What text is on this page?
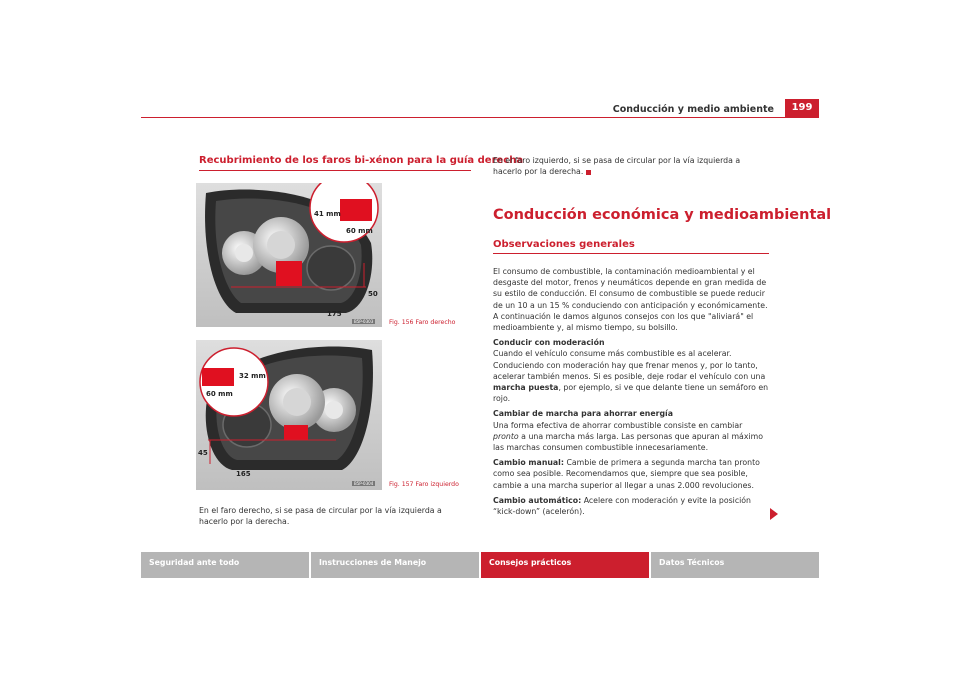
Conducción y medio ambiente	199
Recubrimiento de los faros bi-xénon para la guía derecha
41 mm
60 mm
50
175
B5P-0303	Fig. 156 Faro derecho
32 mm
60 mm
45
165
B5P-0304	Fig. 157 Faro izquierdo
En el faro derecho, si se pasa de circular por la vía izquierda a hacerlo por la derecha.
En el faro izquierdo, si se pasa de circular por la vía izquierda a hacerlo por la derecha.
Conducción económica y medioambiental
Observaciones generales

El consumo de combustible, la contaminación medioambiental y el desgaste del motor, frenos y neumáticos depende en gran medida de su estilo de conducción. El consumo de combustible se puede reducir de un 10 a un 15 % conduciendo con anticipación y económicamente. A continuación le damos algunos consejos con los que "aliviará" el medioambiente y, al mismo tiempo, su bolsillo.

Conducir con moderación
Cuando el vehículo consume más combustible es al acelerar. Conduciendo con moderación hay que frenar menos y, por lo tanto, acelerar también menos. Si es posible, deje rodar el vehículo con una marcha puesta, por ejemplo, si ve que delante tiene un semáforo en rojo.

Cambiar de marcha para ahorrar energía
Una forma efectiva de ahorrar combustible consiste en cambiar pronto a una marcha más larga. Las personas que apuran al máximo las marchas consumen combustible innecesariamente.

Cambio manual: Cambie de primera a segunda marcha tan pronto como sea posible. Recomendamos que, siempre que sea posible, cambie a una marcha superior al llegar a unas 2.000 revoluciones.

Cambio automático: Acelere con moderación y evite la posición “kick-down” (acelerón).

Seguridad ante todo	Instrucciones de Manejo	Consejos prácticos	Datos Técnicos
